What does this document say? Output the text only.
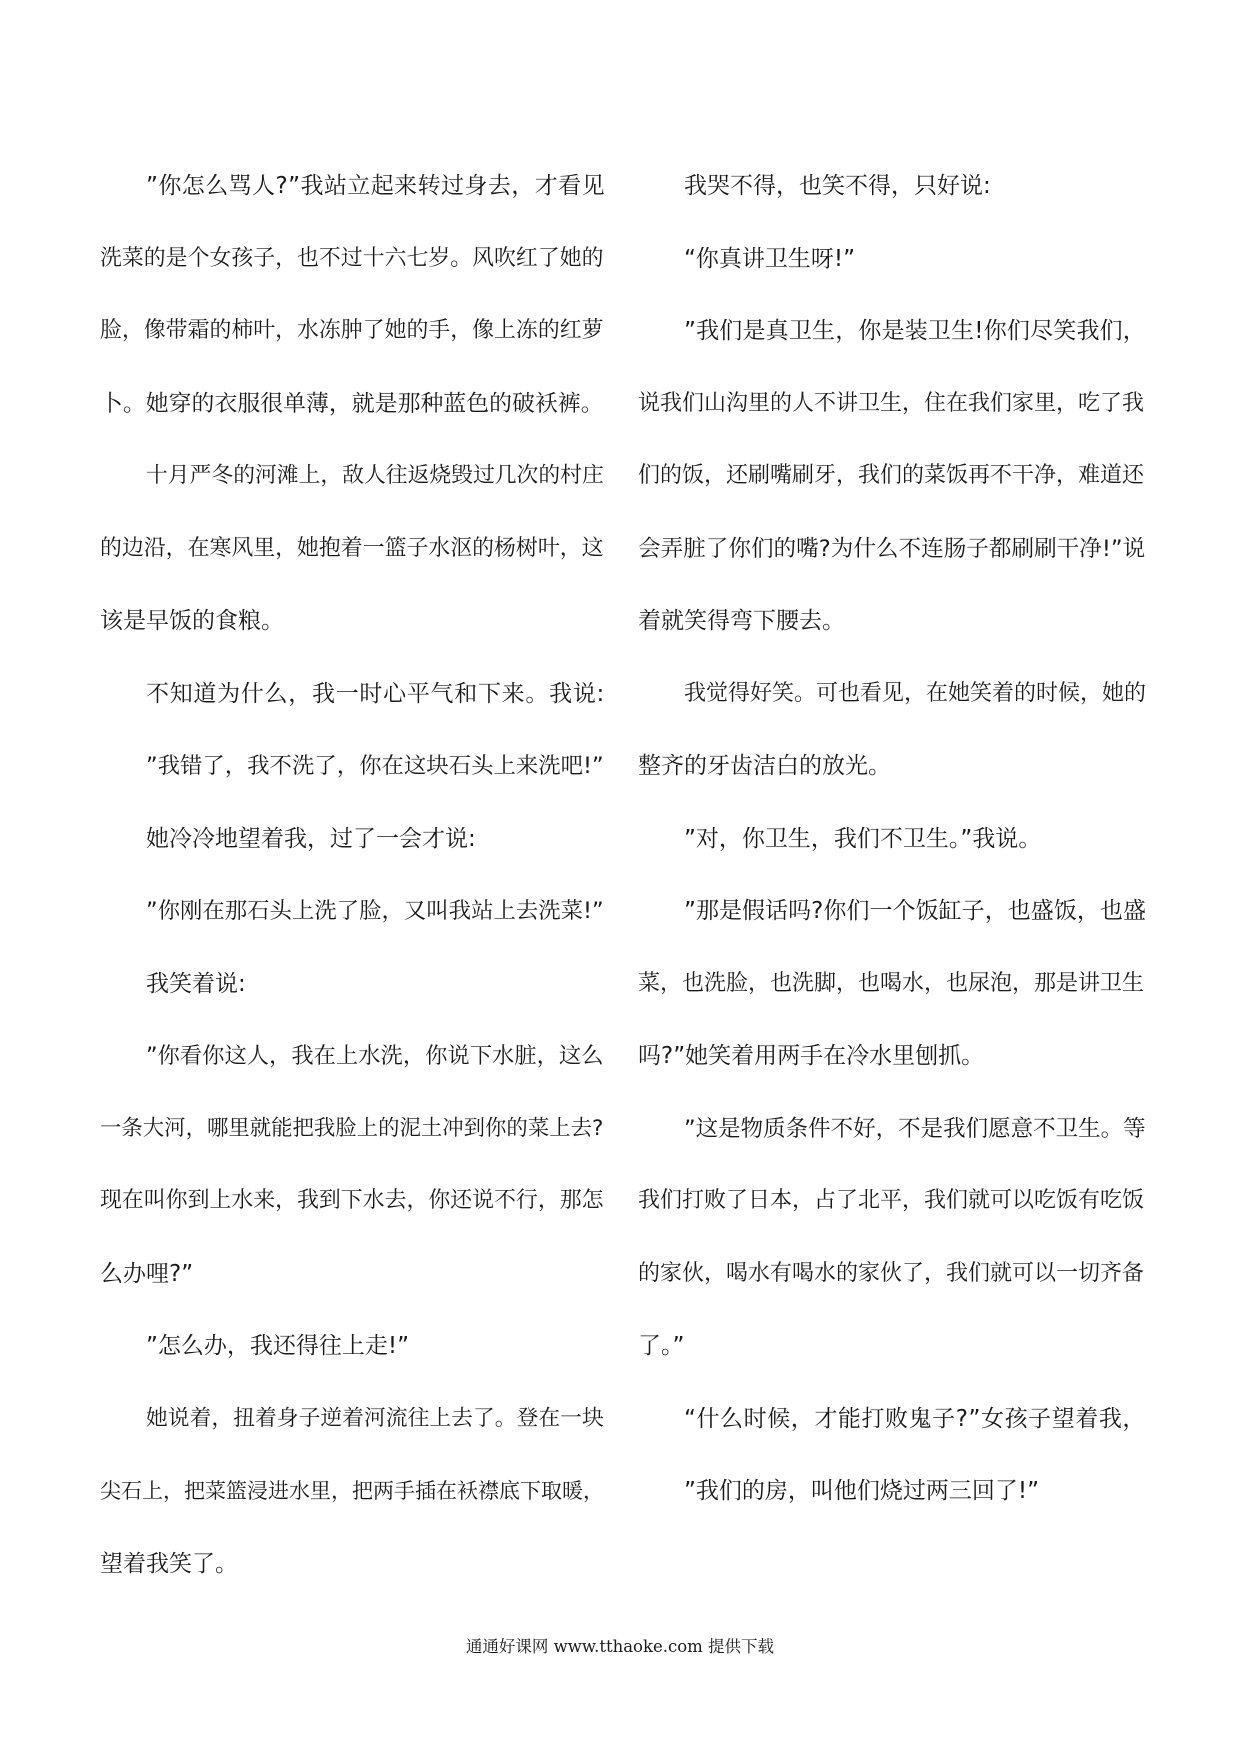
”你怎么骂人?”我站立起来转过身去，才看见
洗菜的是个女孩子，也不过十六七岁。风吹红了她的
脸，像带霜的柿叶，水冻肿了她的手，像上冻的红萝
卜。她穿的衣服很单薄，就是那种蓝色的破袄裤。
十月严冬的河滩上，敌人往返烧毁过几次的村庄
的边沿，在寒风里，她抱着一篮子水沤的杨树叶，这
该是早饭的食粮。
不知道为什么，我一时心平气和下来。我说:
”我错了，我不洗了，你在这块石头上来洗吧!”
她冷冷地望着我，过了一会才说:
”你刚在那石头上洗了脸，又叫我站上去洗菜!”
我笑着说:
”你看你这人，我在上水洗，你说下水脏，这么
一条大河，哪里就能把我脸上的泥土冲到你的菜上去?
现在叫你到上水来，我到下水去，你还说不行，那怎
么办哩?”
”怎么办，我还得往上走!”
她说着，扭着身子逆着河流往上去了。登在一块
尖石上，把菜篮浸进水里，把两手插在袄襟底下取暖，
望着我笑了。
我哭不得，也笑不得，只好说:
“你真讲卫生呀!”
”我们是真卫生，你是装卫生!你们尽笑我们，
说我们山沟里的人不讲卫生，住在我们家里，吃了我
们的饭，还刷嘴刷牙，我们的菜饭再不干净，难道还
会弄脏了你们的嘴?为什么不连肠子都刷刷干净!”说
着就笑得弯下腰去。
我觉得好笑。可也看见，在她笑着的时候，她的
整齐的牙齿洁白的放光。
”对，你卫生，我们不卫生。”我说。
”那是假话吗?你们一个饭缸子，也盛饭，也盛
菜，也洗脸，也洗脚，也喝水，也尿泡，那是讲卫生
吗?”她笑着用两手在冷水里刨抓。
”这是物质条件不好，不是我们愿意不卫生。等
我们打败了日本，占了北平，我们就可以吃饭有吃饭
的家伙，喝水有喝水的家伙了，我们就可以一切齐备
了。”
“什么时候，才能打败鬼子?”女孩子望着我，
”我们的房，叫他们烧过两三回了!”
通通好课网 www.tthaoke.com 提供下载
